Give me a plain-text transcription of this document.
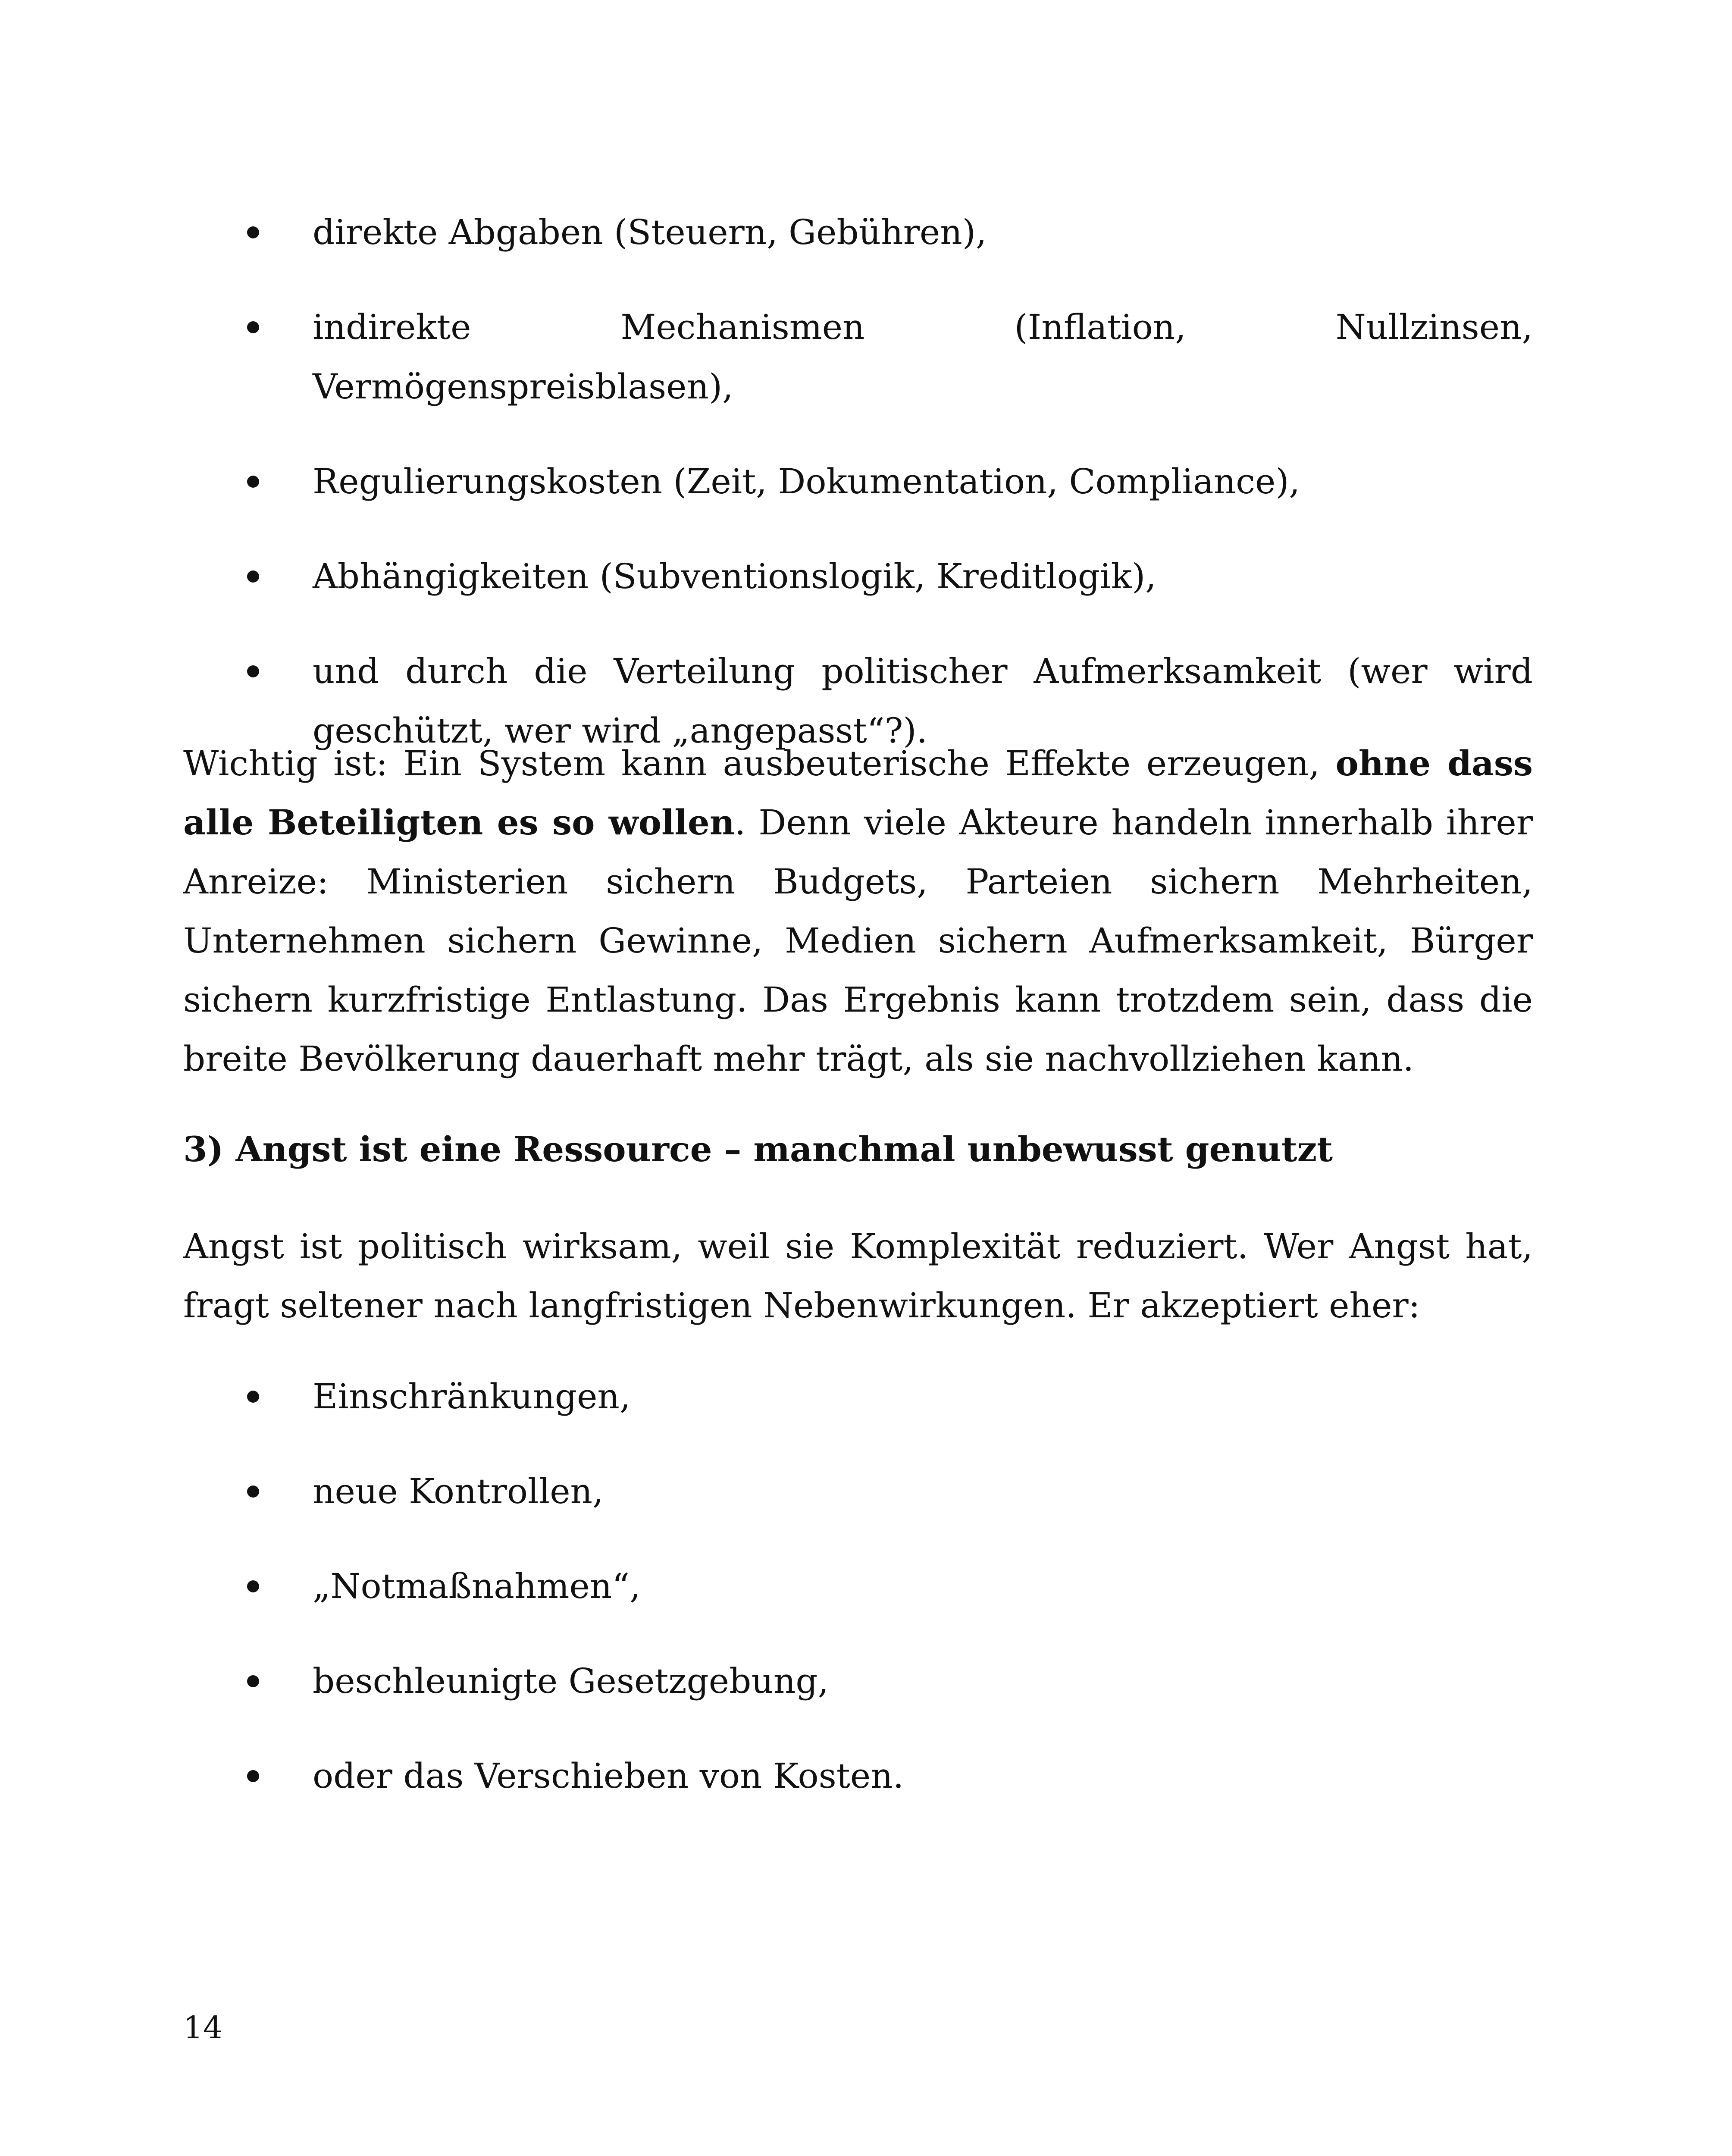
direkte Abgaben (Steuern, Gebühren),
indirekte Mechanismen (Inflation, Nullzinsen, Vermögenspreisblasen),
Regulierungskosten (Zeit, Dokumentation, Compliance),
Abhängigkeiten (Subventionslogik, Kreditlogik),
und durch die Verteilung politischer Aufmerksamkeit (wer wird geschützt, wer wird „angepasst“?).

Wichtig ist: Ein System kann ausbeuterische Effekte erzeugen, ohne dass alle Beteiligten es so wollen. Denn viele Akteure handeln innerhalb ihrer Anreize: Ministerien sichern Budgets, Parteien sichern Mehrheiten, Unternehmen sichern Gewinne, Medien sichern Aufmerksamkeit, Bürger sichern kurzfristige Entlastung. Das Ergebnis kann trotzdem sein, dass die breite Bevölkerung dauerhaft mehr trägt, als sie nachvollziehen kann.

3) Angst ist eine Ressource – manchmal unbewusst genutzt

Angst ist politisch wirksam, weil sie Komplexität reduziert. Wer Angst hat, fragt seltener nach langfristigen Nebenwirkungen. Er akzeptiert eher:

Einschränkungen,
neue Kontrollen,
„Notmaßnahmen“,
beschleunigte Gesetzgebung,
oder das Verschieben von Kosten.
14
